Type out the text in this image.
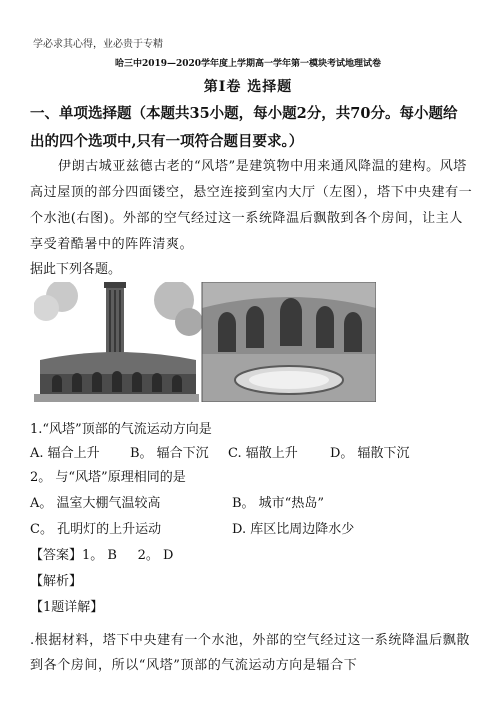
学必求其心得，业必贵于专精
哈三中2019—2020学年度上学期高一学年第一模块考试地理试卷
第Ⅰ卷 选择题
一、单项选择题（本题共35小题，每小题2分，共70分。每小题给出的四个选项中,只有一项符合题目要求。）
伊朗古城亚兹德古老的“风塔”是建筑物中用来通风降温的建构。风塔高过屋顶的部分四面镂空，悬空连接到室内大厅（左图），塔下中央建有一个水池(右图)。外部的空气经过这一系统降温后飘散到各个房间，让主人享受着酷暑中的阵阵清爽。
据此下列各题。
1.“风塔”顶部的气流运动方向是
A. 辐合上升 B。 辐合下沉 C. 辐散上升 D。 辐散下沉
2。 与“风塔”原理相同的是
A。 温室大棚气温较高	B。 城市“热岛”
C。 孔明灯的上升运动	D. 库区比周边降水少
【答案】1。 B     2。 D
【解析】
【1题详解】
.根据材料，塔下中央建有一个水池，外部的空气经过这一系统降温后飘散到各个房间，所以“风塔”顶部的气流运动方向是辐合下
